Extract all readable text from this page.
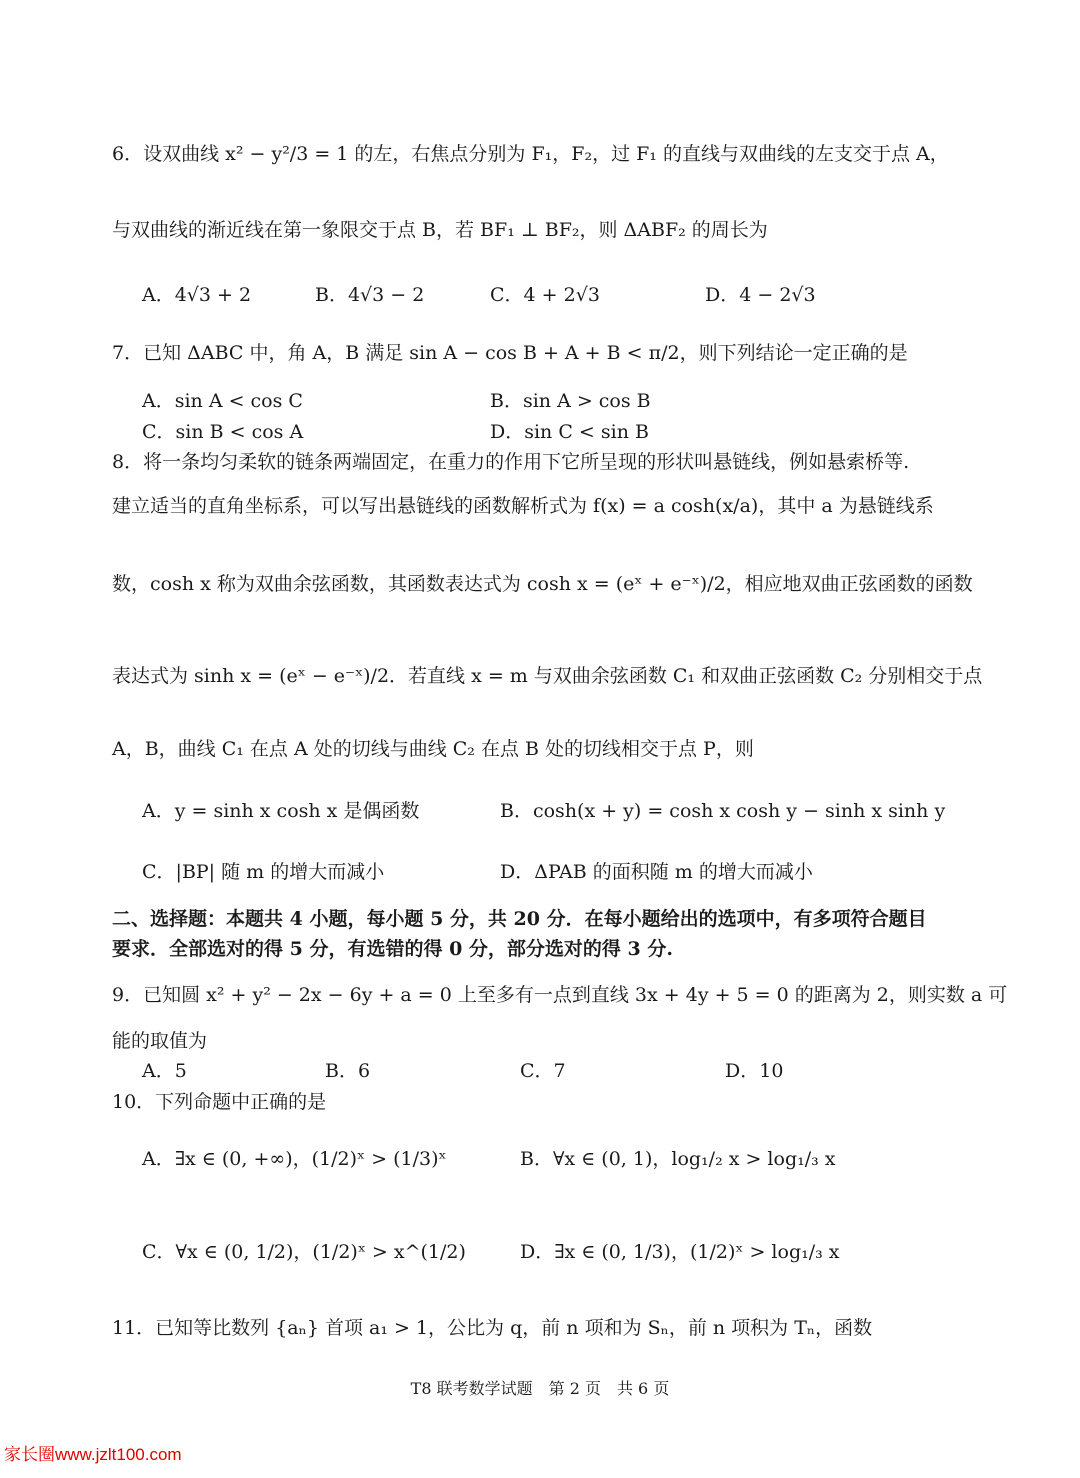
6．设双曲线 x² − y²/3 = 1 的左，右焦点分别为 F₁，F₂，过 F₁ 的直线与双曲线的左支交于点 A，
与双曲线的渐近线在第一象限交于点 B，若 BF₁ ⊥ BF₂，则 ΔABF₂ 的周长为
A．4√3 + 2	B．4√3 − 2	C．4 + 2√3	D．4 − 2√3
7．已知 ΔABC 中，角 A，B 满足 sin A − cos B + A + B < π/2，则下列结论一定正确的是
A．sin A < cos C	B．sin A > cos B
C．sin B < cos A	D．sin C < sin B
8．将一条均匀柔软的链条两端固定，在重力的作用下它所呈现的形状叫悬链线，例如悬索桥等.
建立适当的直角坐标系，可以写出悬链线的函数解析式为 f(x) = a cosh(x/a)，其中 a 为悬链线系
数，cosh x 称为双曲余弦函数，其函数表达式为 cosh x = (eˣ + e⁻ˣ)/2，相应地双曲正弦函数的函数
表达式为 sinh x = (eˣ − e⁻ˣ)/2．若直线 x = m 与双曲余弦函数 C₁ 和双曲正弦函数 C₂ 分别相交于点
A，B，曲线 C₁ 在点 A 处的切线与曲线 C₂ 在点 B 处的切线相交于点 P，则
A．y = sinh x cosh x 是偶函数	B．cosh(x + y) = cosh x cosh y − sinh x sinh y
C．|BP| 随 m 的增大而减小	D．ΔPAB 的面积随 m 的增大而减小
二、选择题：本题共 4 小题，每小题 5 分，共 20 分．在每小题给出的选项中，有多项符合题目
要求．全部选对的得 5 分，有选错的得 0 分，部分选对的得 3 分.
9．已知圆 x² + y² − 2x − 6y + a = 0 上至多有一点到直线 3x + 4y + 5 = 0 的距离为 2，则实数 a 可
能的取值为
A．5	B．6	C．7	D．10
10．下列命题中正确的是
A．∃x ∈ (0, +∞)，(1/2)ˣ > (1/3)ˣ	B．∀x ∈ (0, 1)，log₁/₂ x > log₁/₃ x
C．∀x ∈ (0, 1/2)，(1/2)ˣ > x^(1/2)	D．∃x ∈ (0, 1/3)，(1/2)ˣ > log₁/₃ x
11．已知等比数列 {aₙ} 首项 a₁ > 1，公比为 q，前 n 项和为 Sₙ，前 n 项积为 Tₙ，函数
T8 联考数学试题　第 2 页　共 6 页
家长圈www.jzlt100.com
